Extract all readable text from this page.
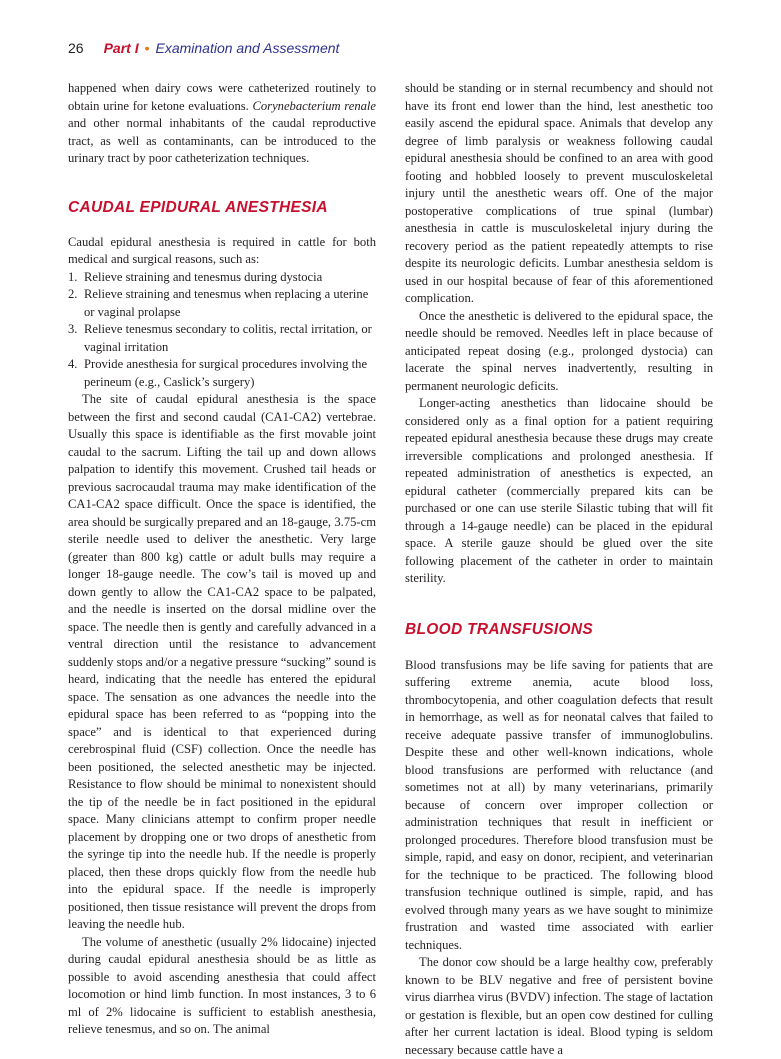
26 Part I • Examination and Assessment

happened when dairy cows were catheterized routinely to obtain urine for ketone evaluations. Corynebacterium renale and other normal inhabitants of the caudal reproductive tract, as well as contaminants, can be introduced to the urinary tract by poor catheterization techniques.

CAUDAL EPIDURAL ANESTHESIA

Caudal epidural anesthesia is required in cattle for both medical and surgical reasons, such as:

1. Relieve straining and tenesmus during dystocia
2. Relieve straining and tenesmus when replacing a uterine or vaginal prolapse
3. Relieve tenesmus secondary to colitis, rectal irritation, or vaginal irritation
4. Provide anesthesia for surgical procedures involving the perineum (e.g., Caslick’s surgery)

The site of caudal epidural anesthesia is the space between the first and second caudal (CA1-CA2) vertebrae. Usually this space is identifiable as the first movable joint caudal to the sacrum. Lifting the tail up and down allows palpation to identify this movement. Crushed tail heads or previous sacrocaudal trauma may make identification of the CA1-CA2 space difficult. Once the space is identified, the area should be surgically prepared and an 18-gauge, 3.75-cm sterile needle used to deliver the anesthetic. Very large (greater than 800 kg) cattle or adult bulls may require a longer 18-gauge needle. The cow’s tail is moved up and down gently to allow the CA1-CA2 space to be palpated, and the needle is inserted on the dorsal midline over the space. The needle then is gently and carefully advanced in a ventral direction until the resistance to advancement suddenly stops and/or a negative pressure “sucking” sound is heard, indicating that the needle has entered the epidural space. The sensation as one advances the needle into the epidural space has been referred to as “popping into the space” and is identical to that experienced during cerebrospinal fluid (CSF) collection. Once the needle has been positioned, the selected anesthetic may be injected. Resistance to flow should be minimal to nonexistent should the tip of the needle be in fact positioned in the epidural space. Many clinicians attempt to confirm proper needle placement by dropping one or two drops of anesthetic from the syringe tip into the needle hub. If the needle is properly placed, then these drops quickly flow from the needle hub into the epidural space. If the needle is improperly positioned, then tissue resistance will prevent the drops from leaving the needle hub.

The volume of anesthetic (usually 2% lidocaine) injected during caudal epidural anesthesia should be as little as possible to avoid ascending anesthesia that could affect locomotion or hind limb function. In most instances, 3 to 6 ml of 2% lidocaine is sufficient to establish anesthesia, relieve tenesmus, and so on. The animal

should be standing or in sternal recumbency and should not have its front end lower than the hind, lest anesthetic too easily ascend the epidural space. Animals that develop any degree of limb paralysis or weakness following caudal epidural anesthesia should be confined to an area with good footing and hobbled loosely to prevent musculoskeletal injury until the anesthetic wears off. One of the major postoperative complications of true spinal (lumbar) anesthesia in cattle is musculoskeletal injury during the recovery period as the patient repeatedly attempts to rise despite its neurologic deficits. Lumbar anesthesia seldom is used in our hospital because of fear of this aforementioned complication.

Once the anesthetic is delivered to the epidural space, the needle should be removed. Needles left in place because of anticipated repeat dosing (e.g., prolonged dystocia) can lacerate the spinal nerves inadvertently, resulting in permanent neurologic deficits.

Longer-acting anesthetics than lidocaine should be considered only as a final option for a patient requiring repeated epidural anesthesia because these drugs may create irreversible complications and prolonged anesthesia. If repeated administration of anesthetics is expected, an epidural catheter (commercially prepared kits can be purchased or one can use sterile Silastic tubing that will fit through a 14-gauge needle) can be placed in the epidural space. A sterile gauze should be glued over the site following placement of the catheter in order to maintain sterility.

BLOOD TRANSFUSIONS

Blood transfusions may be life saving for patients that are suffering extreme anemia, acute blood loss, thrombocytopenia, and other coagulation defects that result in hemorrhage, as well as for neonatal calves that failed to receive adequate passive transfer of immunoglobulins. Despite these and other well-known indications, whole blood transfusions are performed with reluctance (and sometimes not at all) by many veterinarians, primarily because of concern over improper collection or administration techniques that result in inefficient or prolonged procedures. Therefore blood transfusion must be simple, rapid, and easy on donor, recipient, and veterinarian for the technique to be practiced. The following blood transfusion technique outlined is simple, rapid, and has evolved through many years as we have sought to minimize frustration and wasted time associated with earlier techniques.

The donor cow should be a large healthy cow, preferably known to be BLV negative and free of persistent bovine virus diarrhea virus (BVDV) infection. The stage of lactation or gestation is flexible, but an open cow destined for culling after her current lactation is ideal. Blood typing is seldom necessary because cattle have a
